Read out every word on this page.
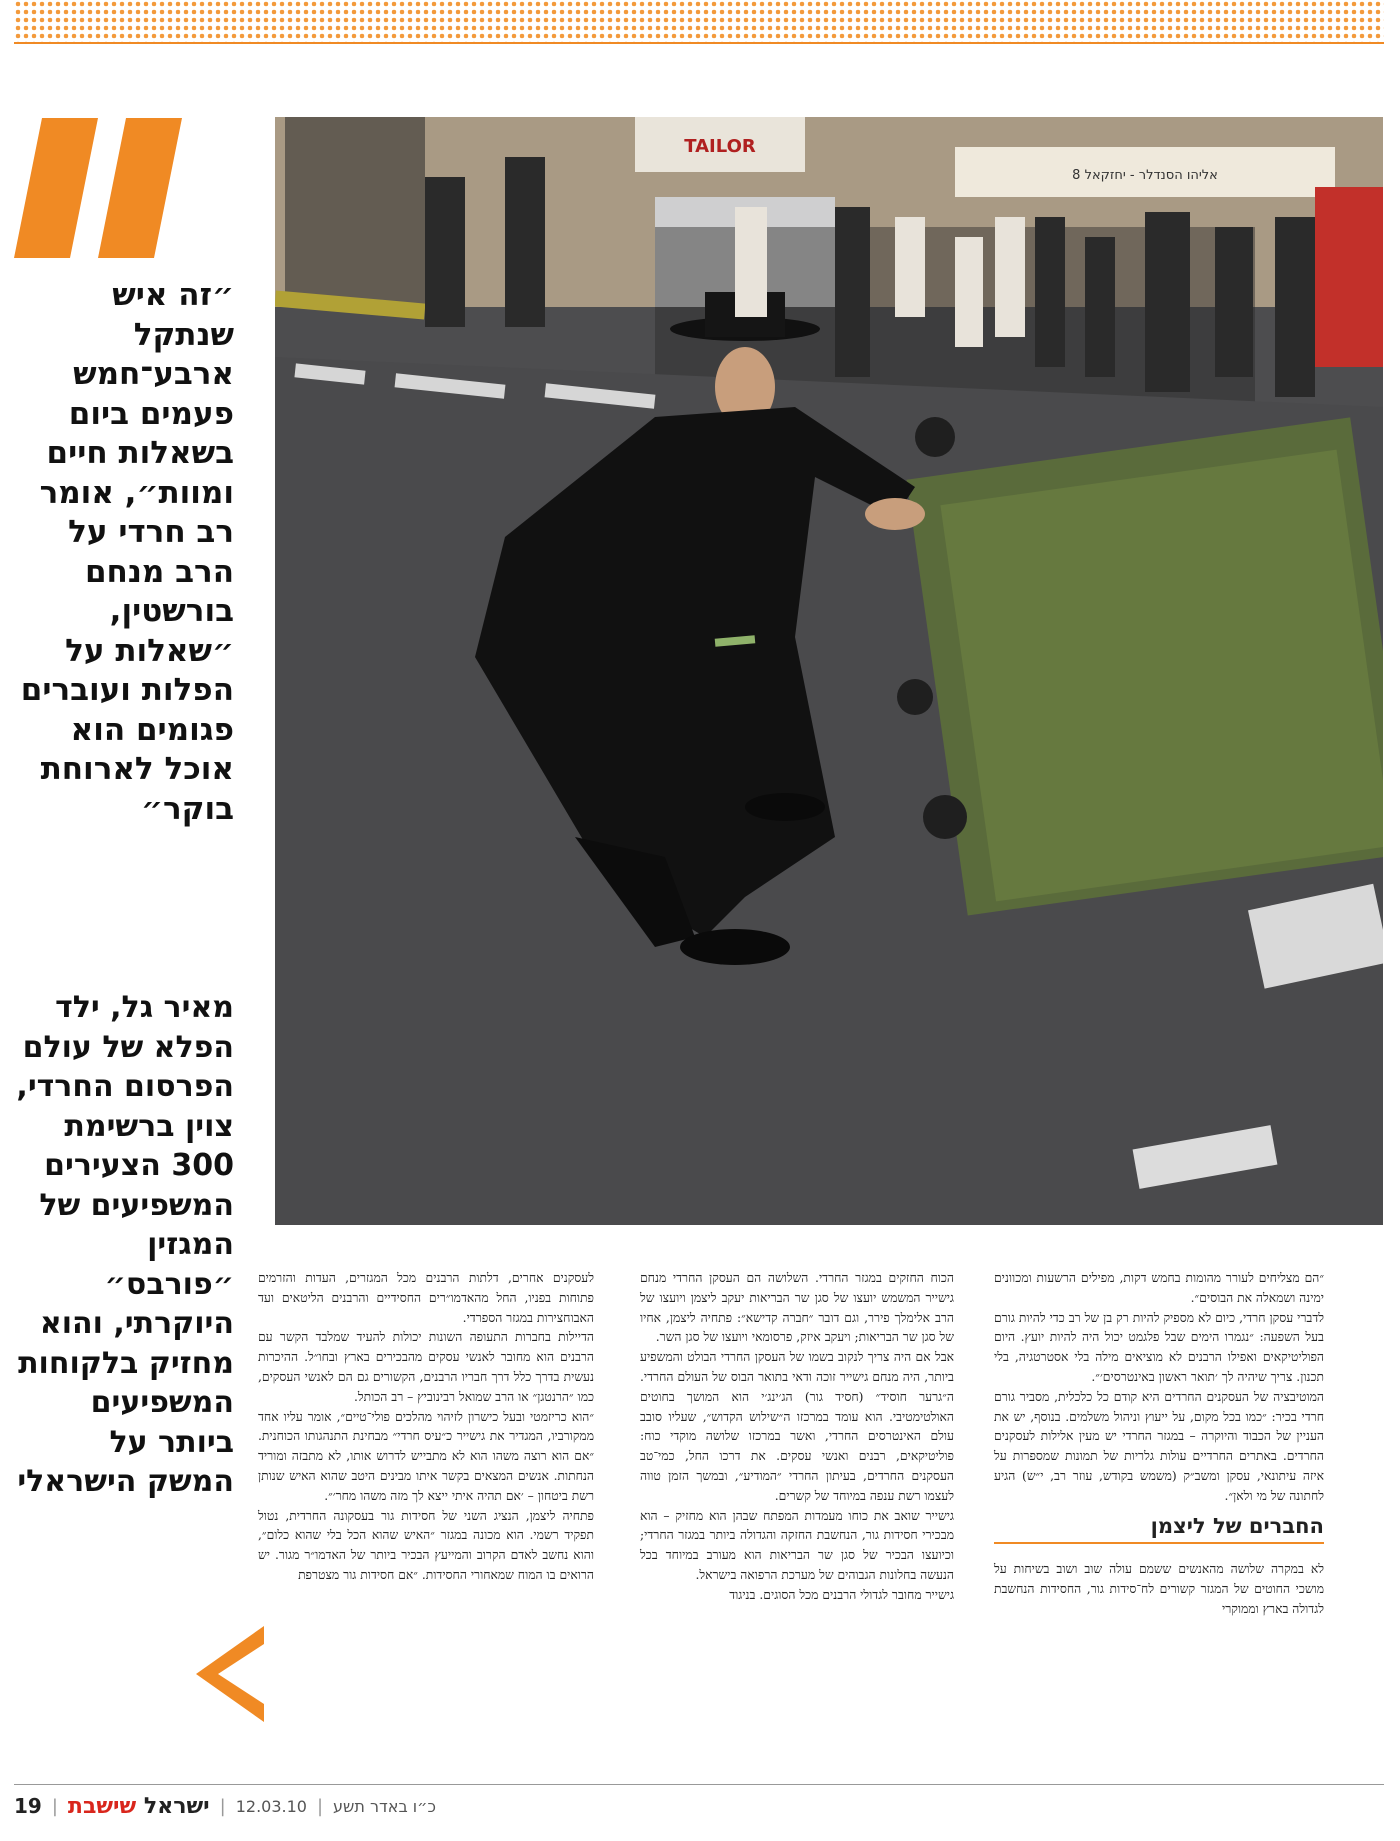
״זה איש שנתקל ארבע־חמש פעמים ביום בשאלות חיים ומוות״, אומר רב חרדי על הרב מנחם בורשטין, ״שאלות על הפלות ועוברים פגומים הוא אוכל לארוחת בוקר״
מאיר גל, ילד הפלא של עולם הפרסום החרדי, צוין ברשימת 300 הצעירים המשפיעים של המגזין ״פורבס״ היוקרתי, והוא מחזיק בלקוחות המשפיעים ביותר על המשק הישראלי
TAILOR
אליהו הסנדלר - יחזקאל 8

״הם מצליחים לעורר מהומות בחמש דקות, מפילים הרשעות ומכוונים ימינה ושמאלה את הבוסים״.

לדברי עסקן חרדי, כיום לא מספיק להיות רק בן של רב כדי להיות גורם בעל השפעה: ״נגמרו הימים שבל פלגמט יכול היה להיות יועץ. היום הפוליטיקאים ואפילו הרבנים לא מוציאים מילה בלי אסטרטגיה, בלי תכנון. צריך שיהיה לך ׳תואר ראשון באינטרסים׳״.

המוטיבציה של העסקנים החרדים היא קודם כל כלכלית, מסביר גורם חרדי בכיר: ״כמו בכל מקום, על ייעוץ וניהול משלמים. בנוסף, יש את העניין של הכבוד והיוקרה – במגזר החרדי יש מעין אלילות לעסקנים החרדים. באתרים החרדיים עולות גלריות של תמונות שמספרות על איזה עיתונאי, עסקן ומשב״ק (משמש בקודש, עוזר רב, י״ש) הגיע לחתונה של מי ולאן״.

החברים של ליצמן

לא במקרה שלושה מהאנשים ששמם עולה שוב ושוב בשיחות על מושכי החוטים של המגזר קשורים לח־סידות גור, החסידות הנחשבת לגדולה בארץ וממוקרי

הכוח החזקים במגזר החרדי. השלושה הם העסקן החרדי מנחם גישייר המשמש יועצו של סגן שר הבריאות יעקב ליצמן ויועצו של הרב אלימלך פירר, וגם דובר ״חברה קדישא״: פתחיה ליצמן, אחיו של סגן שר הבריאות; ויעקב איזק, פרסומאי ויועצו של סגן השר.

אבל אם היה צריך לנקוב בשמו של העסקן החרדי הבולט והמשפיע ביותר, היה מנחם גישייר זוכה ודאי בתואר הבוס של העולם החרדי. ה״גרער חוסיד״ (חסיד גור) הג׳ינג׳י הוא המושך בחוטים האולטימטיבי. הוא עומד במרכזו ה״שילוש הקדוש״, שעליו סובב עולם האינטרסים החרדי, ואשר במרכזו שלושה מוקדי כוח: פוליטיקאים, רבנים ואנשי עסקים. את דרכו החל, כמי־טב העסקנים החרדים, בעיתון החרדי ״המודיע״, ובמשך הזמן טווה לעצמו רשת ענפה במיוחד של קשרים.

גישייר שואב את כוחו מעמדות המפתח שבהן הוא מחזיק – הוא מבכירי חסידות גור, הנחשבת החזקה והגדולה ביותר במגזר החרדי; וכיועצו הבכיר של סגן שר הבריאות הוא מעורב במיוחד בכל הנעשה בחלונות הגבוהים של מערכת הרפואה בישראל.

גישייר מחובר לגדולי הרבנים מכל הסוגים. בניגוד

לעסקנים אחרים, דלתות הרבנים מכל המגזרים, העדות והזרמים פתוחות בפניו, החל מהאדמו״רים החסידיים והרבנים הליטאים ועד האבוחצירות במגזר הספרדי.

הדיילות בחברות התעופה השונות יכולות להעיד שמלבד הקשר עם הרבנים הוא מחובר לאנשי עסקים מהבכירים בארץ ובחו״ל. ההיכרות נעשית בדרך כלל דרך חבריו הרבנים, הקשורים גם הם לאנשי העסקים, כמו ״הרנטגן״ או הרב שמואל רבינוביץ – רב הכותל.

״הוא כריזמטי ובעל כישרון לזיהוי מהלכים פולי־טיים״, אומר עליו אחד ממקורביו, המגדיר את גישייר כ״עיס חרדי״ מבחינת התנהגותו הכוחנית. ״אם הוא רוצה משהו הוא לא מתבייש לדרוש אותו, לא מתבזה ומוריד הנחתות. אנשים המצאים בקשר איתו מבינים היטב שהוא האיש שנותן רשת ביטחון – ׳אם תהיה איתי ייצא לך מזה משהו מחר׳״.

פתחיה ליצמן, הנציג השני של חסידות גור בעסקונה החרדית, נטול תפקיד רשמי. הוא מכונה במגזר ״האיש שהוא הכל בלי שהוא כלום״, והוא נחשב לאדם הקרוב והמייעץ הבכיר ביותר של האדמו״ר מגור. יש הרואים בו המוח שמאחורי החסידות. ״אם חסידות גור מצטרפת

19 |	ישראל שישבת	| 12.03.10 | כ״ו באדר תשע
